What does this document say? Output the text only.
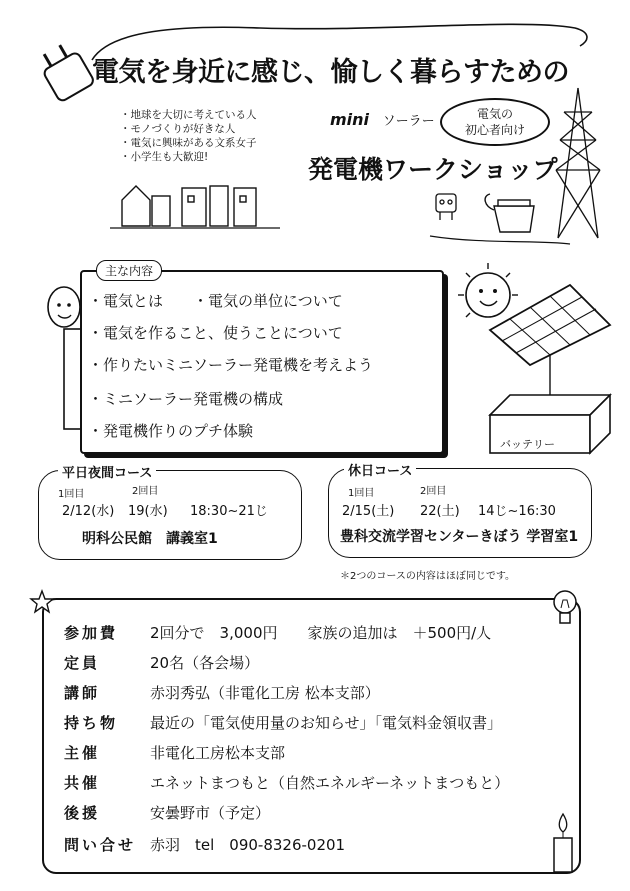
電気を身近に感じ、愉しく暮らすための
・ 地球を大切に考えている人
・ モノづくりが好きな人
・ 電気に興味がある文系女子
・ 小学生も大歓迎!
mini ソーラー	電気の
初心者向け
発電機ワークショップ
主な内容
・電気とは　　・電気の単位について
・電気を作ること、使うことについて
・作りたいミニソーラー発電機を考えよう
・ミニソーラー発電機の構成
・発電機作りのプチ体験
バッテリー
平日夜間コース
1回目	2回目
2/12(水) 19(水) 18:30~21じ
明科公民館　講義室1
休日コース
1回目	2回目
2/15(土) 22(土) 14じ~16:30
豊科交流学習センターきぼう 学習室1
＊2つのコースの内容はほぼ同じです。
参加費	2回分で　3,000円　　家族の追加は　＋500円/人
定員	20名（各会場）
講師	赤羽秀弘（非電化工房 松本支部）
持ち物	最近の「電気使用量のお知らせ」「電気料金領収書」
主催	非電化工房松本支部
共催	エネットまつもと（自然エネルギーネットまつもと）
後援	安曇野市（予定）
問い合せ 赤羽　tel　090-8326-0201
